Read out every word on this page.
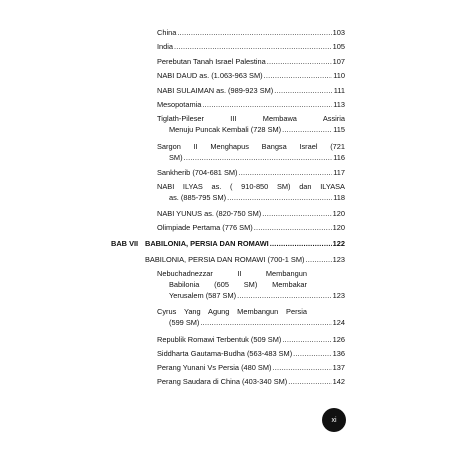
China .....	103
India .....	105
Perebutan Tanah Israel Palestina .....	107
NABI DAUD as. (1.063-963 SM) .....	110
NABI SULAIMAN as. (989-923 SM) .....	111
Mesopotamia .....	113
Tiglath-Pileser III Membawa Assiria
Menuju Puncak Kembali (728 SM) .....	115
Sargon II Menghapus Bangsa Israel (721
SM) .....	116
Sankherib (704-681 SM) .....	117
NABI ILYAS as. ( 910-850 SM) dan ILYASA
as. (885-795 SM) .....	118
NABI YUNUS as. (820-750 SM) .....	120
Olimpiade Pertama (776 SM) .....	120
BAB VII BABILONIA, PERSIA DAN ROMAWI .....	122
BABILONIA, PERSIA DAN ROMAWI (700-1 SM) .....	123
Nebuchadnezzar II Membangun
Babilonia (605 SM) Membakar
Yerusalem (587 SM) .....	123
Cyrus Yang Agung Membangun Persia
(599 SM) .....	124
Republik Romawi Terbentuk (509 SM) .....	126
Siddharta Gautama-Budha (563-483 SM) .....	136
Perang Yunani Vs Persia (480 SM) .....	137
Perang Saudara di China (403-340 SM) .....	142
xi
